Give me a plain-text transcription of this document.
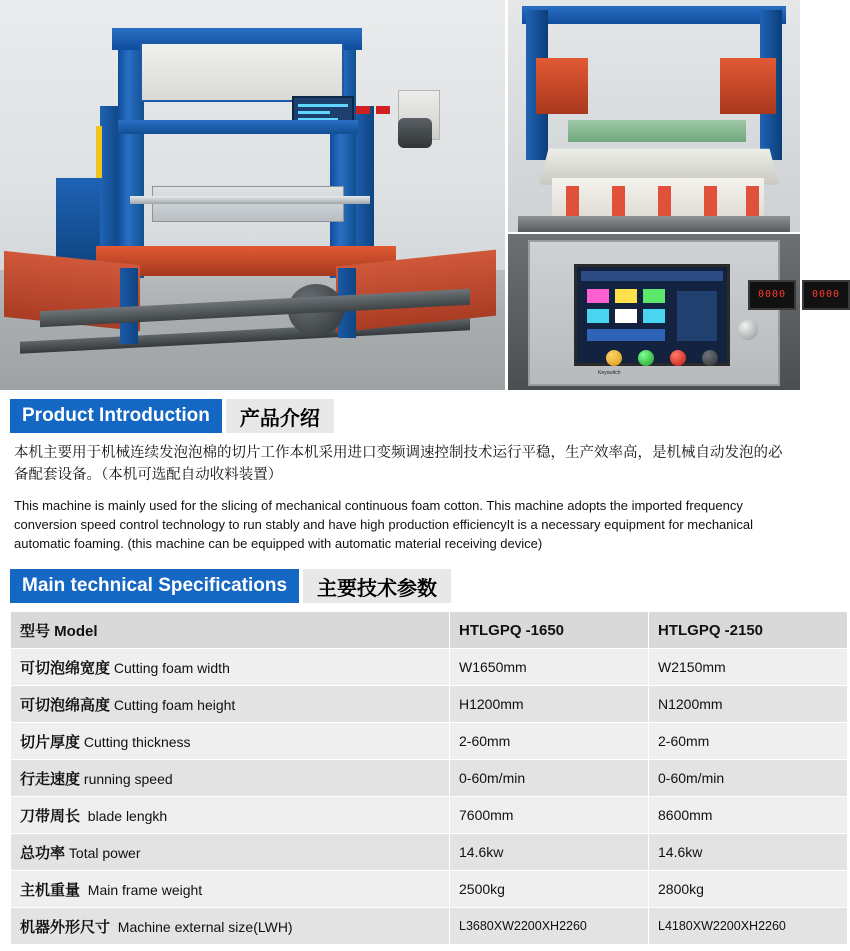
0000	0000
Keyswitch
Product Introduction	产品介绍
本机主要用于机械连续发泡泡棉的切片工作本机采用进口变频调速控制技术运行平稳，生产效率高，是机械自动发泡的必备配套设备。（本机可选配自动收料装置）
This machine is mainly used for the slicing of mechanical continuous foam cotton. This machine adopts the imported frequency conversion speed control technology to run stably and have high production efficiencyIt is a necessary equipment for mechanical automatic foaming. (this machine can be equipped with automatic material receiving device)
Main technical Specifications	主要技术参数
型号 Model	HTLGPQ -1650	HTLGPQ -2150
可切泡绵宽度 Cutting foam width	W1650mm	W2150mm
可切泡绵高度 Cutting foam height	H1200mm	N1200mm
切片厚度 Cutting thickness	2-60mm	2-60mm
行走速度 running speed	0-60m/min	0-60m/min
刀带周长 blade lengkh	7600mm	8600mm
总功率 Total power	14.6kw	14.6kw
主机重量 Main frame weight	2500kg	2800kg
机器外形尺寸 Machine external size(LWH)	L3680XW2200XH2260	L4180XW2200XH2260
